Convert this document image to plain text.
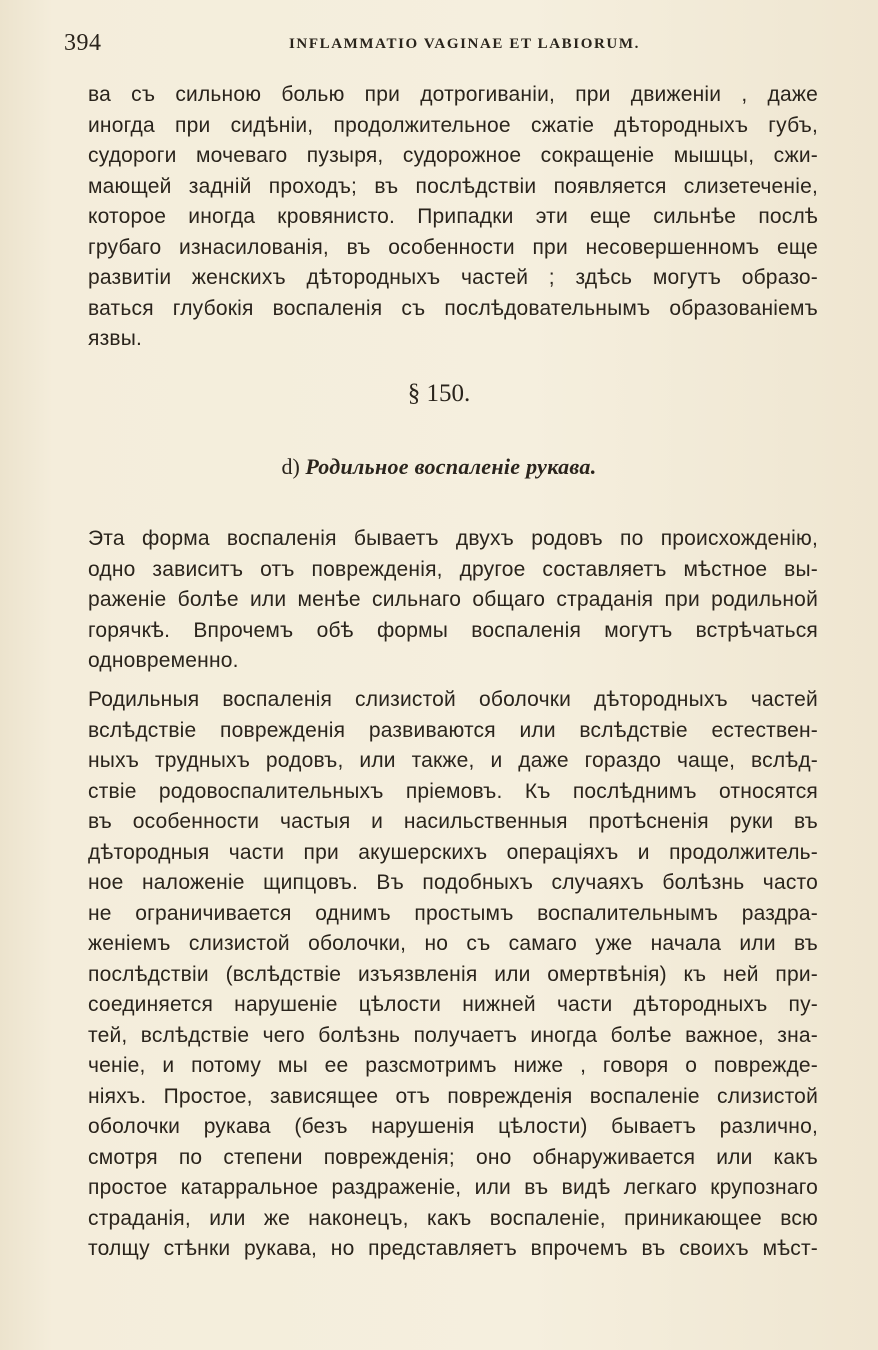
394	INFLAMMATIO VAGINAE ET LABIORUM.
ва съ сильною болью при дотрогиванiи, при движенiи , даже
иногда при сидѣнiи, продолжительное сжатiе дѣтородныхъ губъ,
судороги мочеваго пузыря, судорожное сокращенiе мышцы, сжи-
мающей заднiй проходъ; въ послѣдствiи появляется слизетеченiе,
которое иногда кровянисто. Припадки эти еще сильнѣе послѣ
грубаго изнасилованiя, въ особенности при несовершенномъ еще
развитiи женскихъ дѣтородныхъ частей ; здѣсь могутъ образо-
ваться глубокiя воспаленiя съ послѣдовательнымъ образованiемъ
язвы.
§ 150.
d) Родильное воспаленiе рукава.
Эта форма воспаленiя бываетъ двухъ родовъ по происхожденiю,
одно зависитъ отъ поврежденiя, другое составляетъ мѣстное вы-
раженiе болѣе или менѣе сильнаго общаго страданiя при родильной
горячкѣ. Впрочемъ обѣ формы воспаленiя могутъ встрѣчаться
одновременно.
Родильныя воспаленiя слизистой оболочки дѣтородныхъ частей
вслѣдствiе поврежденiя развиваются или вслѣдствiе естествен-
ныхъ трудныхъ родовъ, или также, и даже гораздо чаще, вслѣд-
ствiе родовоспалительныхъ прiемовъ. Къ послѣднимъ относятся
въ особенности частыя и насильственныя протѣсненiя руки въ
дѣтородныя части при акушерскихъ операцiяхъ и продолжитель-
ное наложенiе щипцовъ. Въ подобныхъ случаяхъ болѣзнь часто
не ограничивается однимъ простымъ воспалительнымъ раздра-
женiемъ слизистой оболочки, но съ самаго уже начала или въ
послѣдствiи (вслѣдствiе изъязвленiя или омертвѣнiя) къ ней при-
соединяется нарушенiе цѣлости нижней части дѣтородныхъ пу-
тей, вслѣдствiе чего болѣзнь получаетъ иногда болѣе важное, зна-
ченiе, и потому мы ее разсмотримъ ниже , говоря о поврежде-
нiяхъ. Простое, зависящее отъ поврежденiя воспаленiе слизистой
оболочки рукава (безъ нарушенiя цѣлости) бываетъ различно,
смотря по степени поврежденiя; оно обнаруживается или какъ
простое катарральное раздраженiе, или въ видѣ легкаго крупознаго
страданiя, или же наконецъ, какъ воспаленiе, приникающее всю
толщу стѣнки рукава, но представляетъ впрочемъ въ своихъ мѣст-
